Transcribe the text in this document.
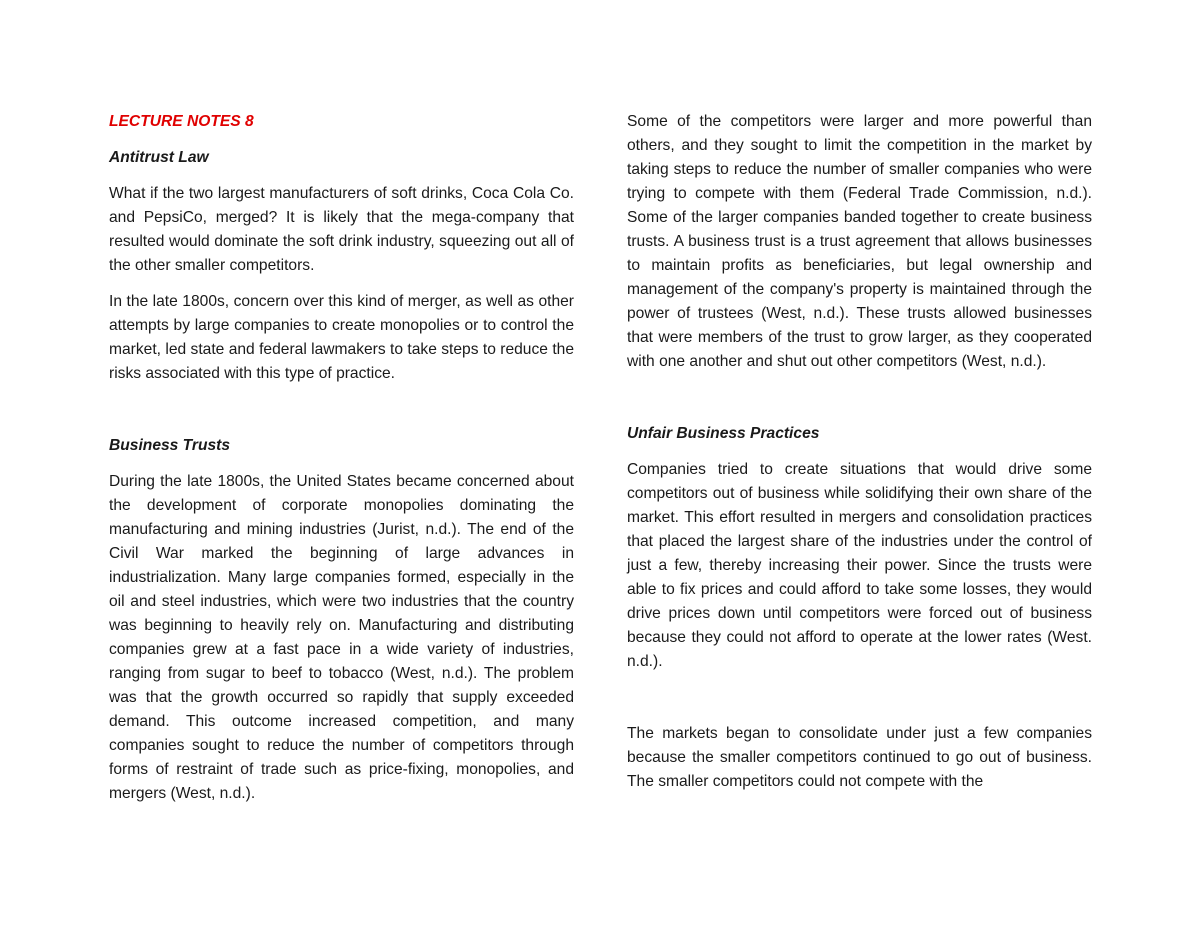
LECTURE NOTES 8
Antitrust Law

What if the two largest manufacturers of soft drinks, Coca Cola Co. and PepsiCo, merged? It is likely that the mega-company that resulted would dominate the soft drink industry, squeezing out all of the other smaller competitors.

In the late 1800s, concern over this kind of merger, as well as other attempts by large companies to create monopolies or to control the market, led state and federal lawmakers to take steps to reduce the risks associated with this type of practice.

Business Trusts

During the late 1800s, the United States became concerned about the development of corporate monopolies dominating the manufacturing and mining industries (Jurist, n.d.). The end of the Civil War marked the beginning of large advances in industrialization. Many large companies formed, especially in the oil and steel industries, which were two industries that the country was beginning to heavily rely on. Manufacturing and distributing companies grew at a fast pace in a wide variety of industries, ranging from sugar to beef to tobacco (West, n.d.). The problem was that the growth occurred so rapidly that supply exceeded demand. This outcome increased competition, and many companies sought to reduce the number of competitors through forms of restraint of trade such as price-fixing, monopolies, and mergers (West, n.d.).

Some of the competitors were larger and more powerful than others, and they sought to limit the competition in the market by taking steps to reduce the number of smaller companies who were trying to compete with them (Federal Trade Commission, n.d.). Some of the larger companies banded together to create business trusts. A business trust is a trust agreement that allows businesses to maintain profits as beneficiaries, but legal ownership and management of the company's property is maintained through the power of trustees (West, n.d.). These trusts allowed businesses that were members of the trust to grow larger, as they cooperated with one another and shut out other competitors (West, n.d.).

Unfair Business Practices

Companies tried to create situations that would drive some competitors out of business while solidifying their own share of the market. This effort resulted in mergers and consolidation practices that placed the largest share of the industries under the control of just a few, thereby increasing their power. Since the trusts were able to fix prices and could afford to take some losses, they would drive prices down until competitors were forced out of business because they could not afford to operate at the lower rates (West. n.d.).

The markets began to consolidate under just a few companies because the smaller competitors continued to go out of business. The smaller competitors could not compete with the
